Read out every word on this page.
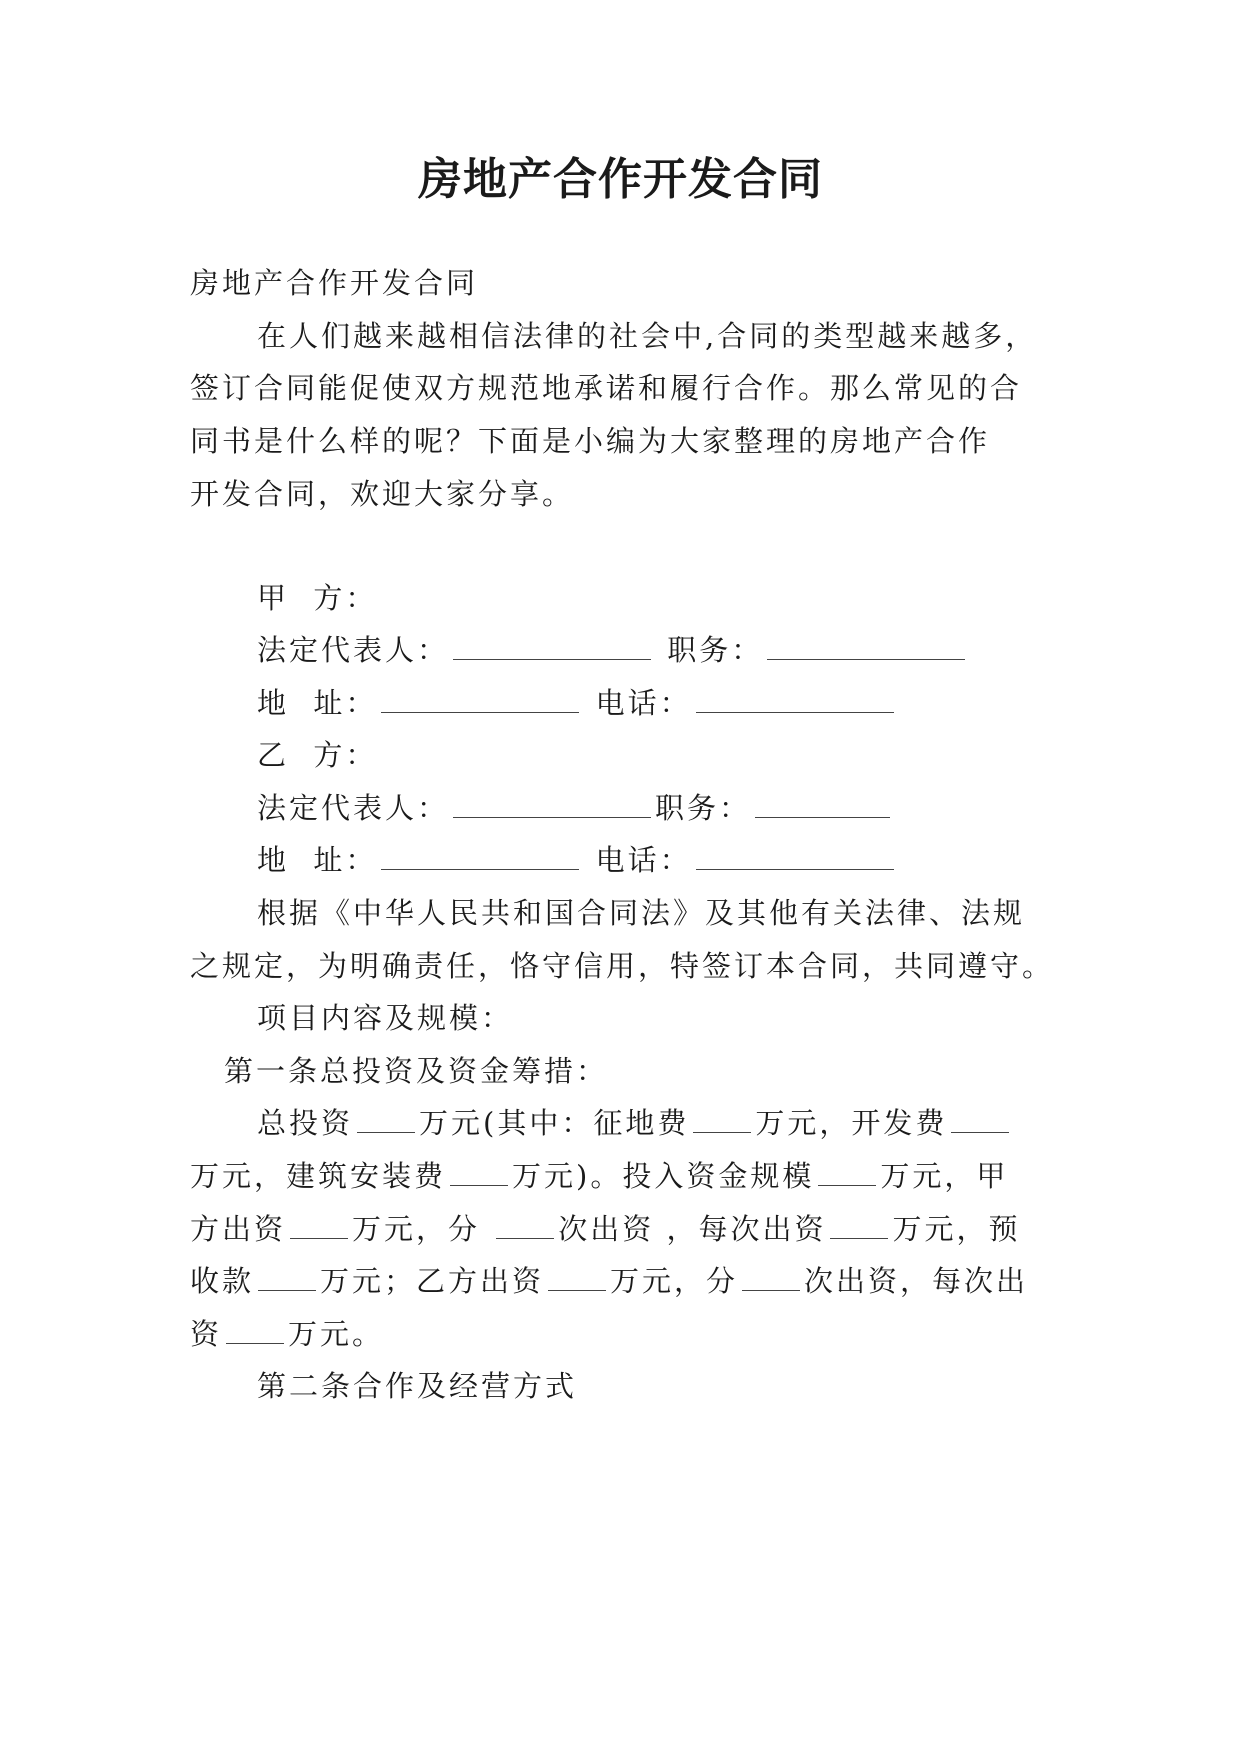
房地产合作开发合同
房地产合作开发合同
在人们越来越相信法律的社会中,合同的类型越来越多，
签订合同能促使双方规范地承诺和履行合作。那么常见的合
同书是什么样的呢？下面是小编为大家整理的房地产合作
开发合同，欢迎大家分享。
甲  方：
法定代表人：	职务：
地  址：	电话：
乙  方：
法定代表人：	职务：
地  址：	电话：
根据《中华人民共和国合同法》及其他有关法律、法规
之规定，为明确责任，恪守信用，特签订本合同，共同遵守。
项目内容及规模：
第一条总投资及资金筹措：
总投资 万元(其中：征地费 万元，开发费
万元，建筑安装费 万元)。投入资金规模 万元，甲
方出资 万元，分 次出资 ，每次出资 万元，预
收款 万元；乙方出资 万元，分 次出资，每次出
资 万元。
第二条合作及经营方式
